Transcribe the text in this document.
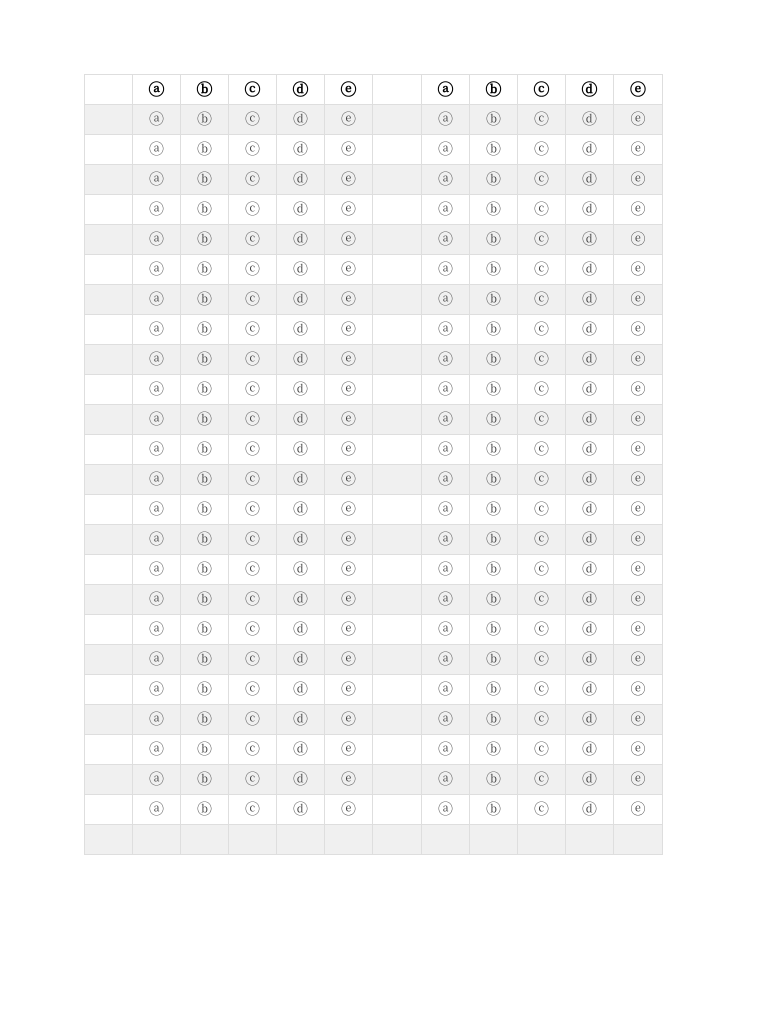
	ⓐ	ⓑ	ⓒ	ⓓ	ⓔ		ⓐ	ⓑ	ⓒ	ⓓ	ⓔ
	ⓐ	ⓑ	ⓒ	ⓓ	ⓔ		ⓐ	ⓑ	ⓒ	ⓓ	ⓔ
	ⓐ	ⓑ	ⓒ	ⓓ	ⓔ		ⓐ	ⓑ	ⓒ	ⓓ	ⓔ
	ⓐ	ⓑ	ⓒ	ⓓ	ⓔ		ⓐ	ⓑ	ⓒ	ⓓ	ⓔ
	ⓐ	ⓑ	ⓒ	ⓓ	ⓔ		ⓐ	ⓑ	ⓒ	ⓓ	ⓔ
	ⓐ	ⓑ	ⓒ	ⓓ	ⓔ		ⓐ	ⓑ	ⓒ	ⓓ	ⓔ
	ⓐ	ⓑ	ⓒ	ⓓ	ⓔ		ⓐ	ⓑ	ⓒ	ⓓ	ⓔ
	ⓐ	ⓑ	ⓒ	ⓓ	ⓔ		ⓐ	ⓑ	ⓒ	ⓓ	ⓔ
	ⓐ	ⓑ	ⓒ	ⓓ	ⓔ		ⓐ	ⓑ	ⓒ	ⓓ	ⓔ
	ⓐ	ⓑ	ⓒ	ⓓ	ⓔ		ⓐ	ⓑ	ⓒ	ⓓ	ⓔ
	ⓐ	ⓑ	ⓒ	ⓓ	ⓔ		ⓐ	ⓑ	ⓒ	ⓓ	ⓔ
	ⓐ	ⓑ	ⓒ	ⓓ	ⓔ		ⓐ	ⓑ	ⓒ	ⓓ	ⓔ
	ⓐ	ⓑ	ⓒ	ⓓ	ⓔ		ⓐ	ⓑ	ⓒ	ⓓ	ⓔ
	ⓐ	ⓑ	ⓒ	ⓓ	ⓔ		ⓐ	ⓑ	ⓒ	ⓓ	ⓔ
	ⓐ	ⓑ	ⓒ	ⓓ	ⓔ		ⓐ	ⓑ	ⓒ	ⓓ	ⓔ
	ⓐ	ⓑ	ⓒ	ⓓ	ⓔ		ⓐ	ⓑ	ⓒ	ⓓ	ⓔ
	ⓐ	ⓑ	ⓒ	ⓓ	ⓔ		ⓐ	ⓑ	ⓒ	ⓓ	ⓔ
	ⓐ	ⓑ	ⓒ	ⓓ	ⓔ		ⓐ	ⓑ	ⓒ	ⓓ	ⓔ
	ⓐ	ⓑ	ⓒ	ⓓ	ⓔ		ⓐ	ⓑ	ⓒ	ⓓ	ⓔ
	ⓐ	ⓑ	ⓒ	ⓓ	ⓔ		ⓐ	ⓑ	ⓒ	ⓓ	ⓔ
	ⓐ	ⓑ	ⓒ	ⓓ	ⓔ		ⓐ	ⓑ	ⓒ	ⓓ	ⓔ
	ⓐ	ⓑ	ⓒ	ⓓ	ⓔ		ⓐ	ⓑ	ⓒ	ⓓ	ⓔ
	ⓐ	ⓑ	ⓒ	ⓓ	ⓔ		ⓐ	ⓑ	ⓒ	ⓓ	ⓔ
	ⓐ	ⓑ	ⓒ	ⓓ	ⓔ		ⓐ	ⓑ	ⓒ	ⓓ	ⓔ
	ⓐ	ⓑ	ⓒ	ⓓ	ⓔ		ⓐ	ⓑ	ⓒ	ⓓ	ⓔ
